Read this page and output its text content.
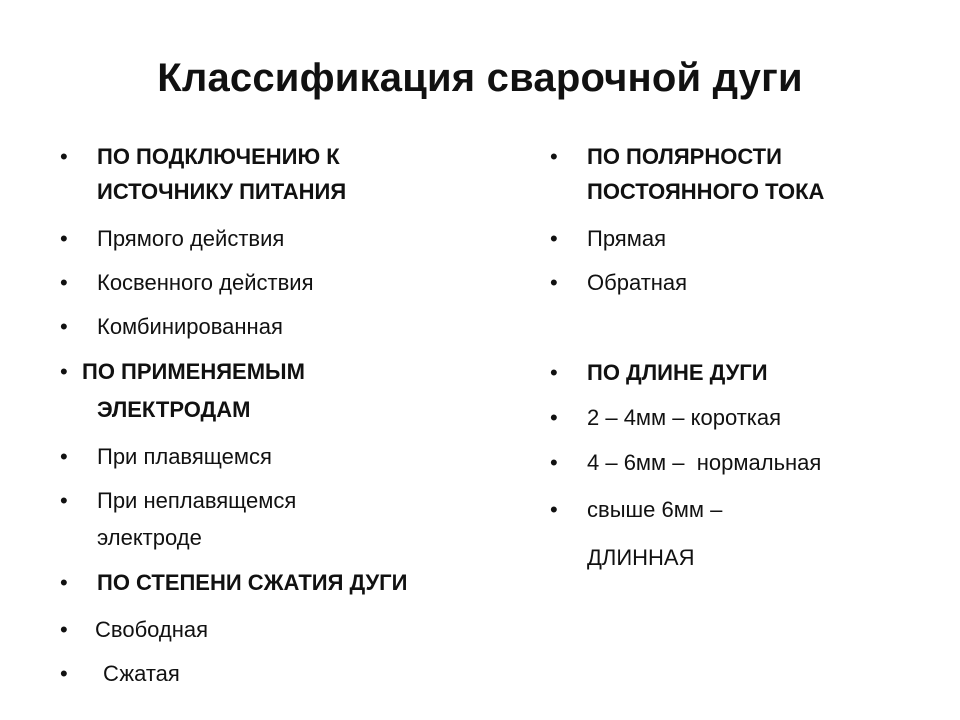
Классификация сварочной дуги
• ПО ПОДКЛЮЧЕНИЮ К
ИСТОЧНИКУ ПИТАНИЯ
• Прямого действия
• Косвенного действия
• Комбинированная
• ПО ПРИМЕНЯЕМЫМ
ЭЛЕКТРОДАМ
• При плавящемся
• При неплавящемся
электроде
• ПО СТЕПЕНИ СЖАТИЯ ДУГИ
• Свободная
• Сжатая
• ПО ПОЛЯРНОСТИ
ПОСТОЯННОГО ТОКА
• Прямая
• Обратная
• ПО ДЛИНЕ ДУГИ
• 2 – 4мм – короткая
• 4 – 6мм –  нормальная
• свыше 6мм –
ДЛИННАЯ
